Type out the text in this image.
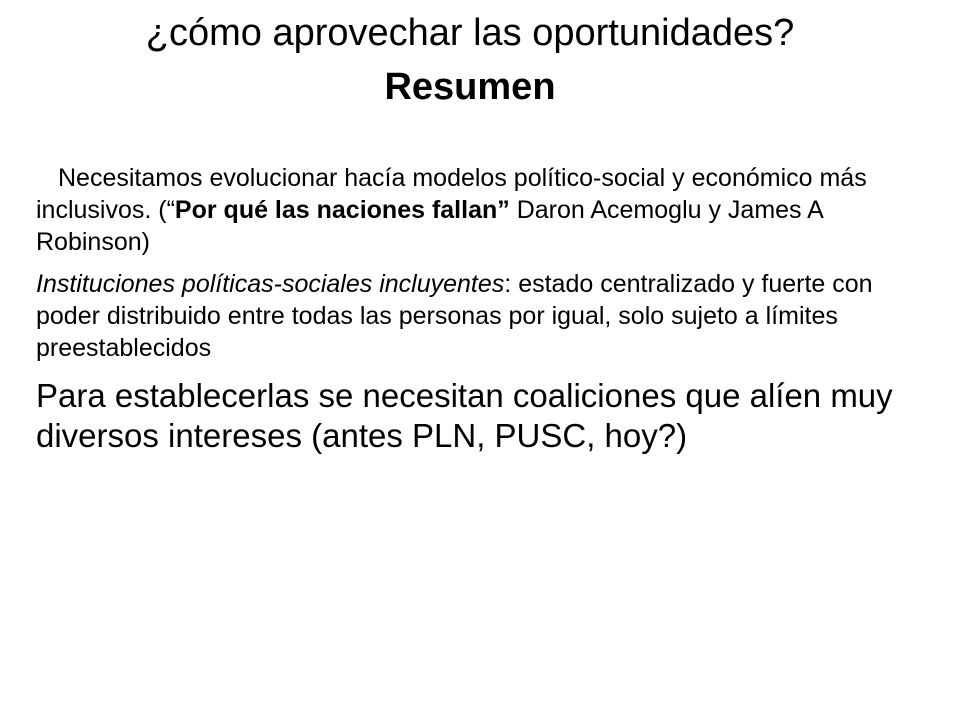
¿cómo aprovechar las oportunidades?
Resumen

Necesitamos evolucionar hacía modelos político-social y económico más inclusivos. (“Por qué las naciones fallan” Daron Acemoglu y James A Robinson)

Instituciones políticas-sociales incluyentes: estado centralizado y fuerte con poder distribuido entre todas las personas por igual, solo sujeto a límites preestablecidos

Para establecerlas se necesitan coaliciones que alíen muy diversos intereses (antes PLN, PUSC, hoy?)
